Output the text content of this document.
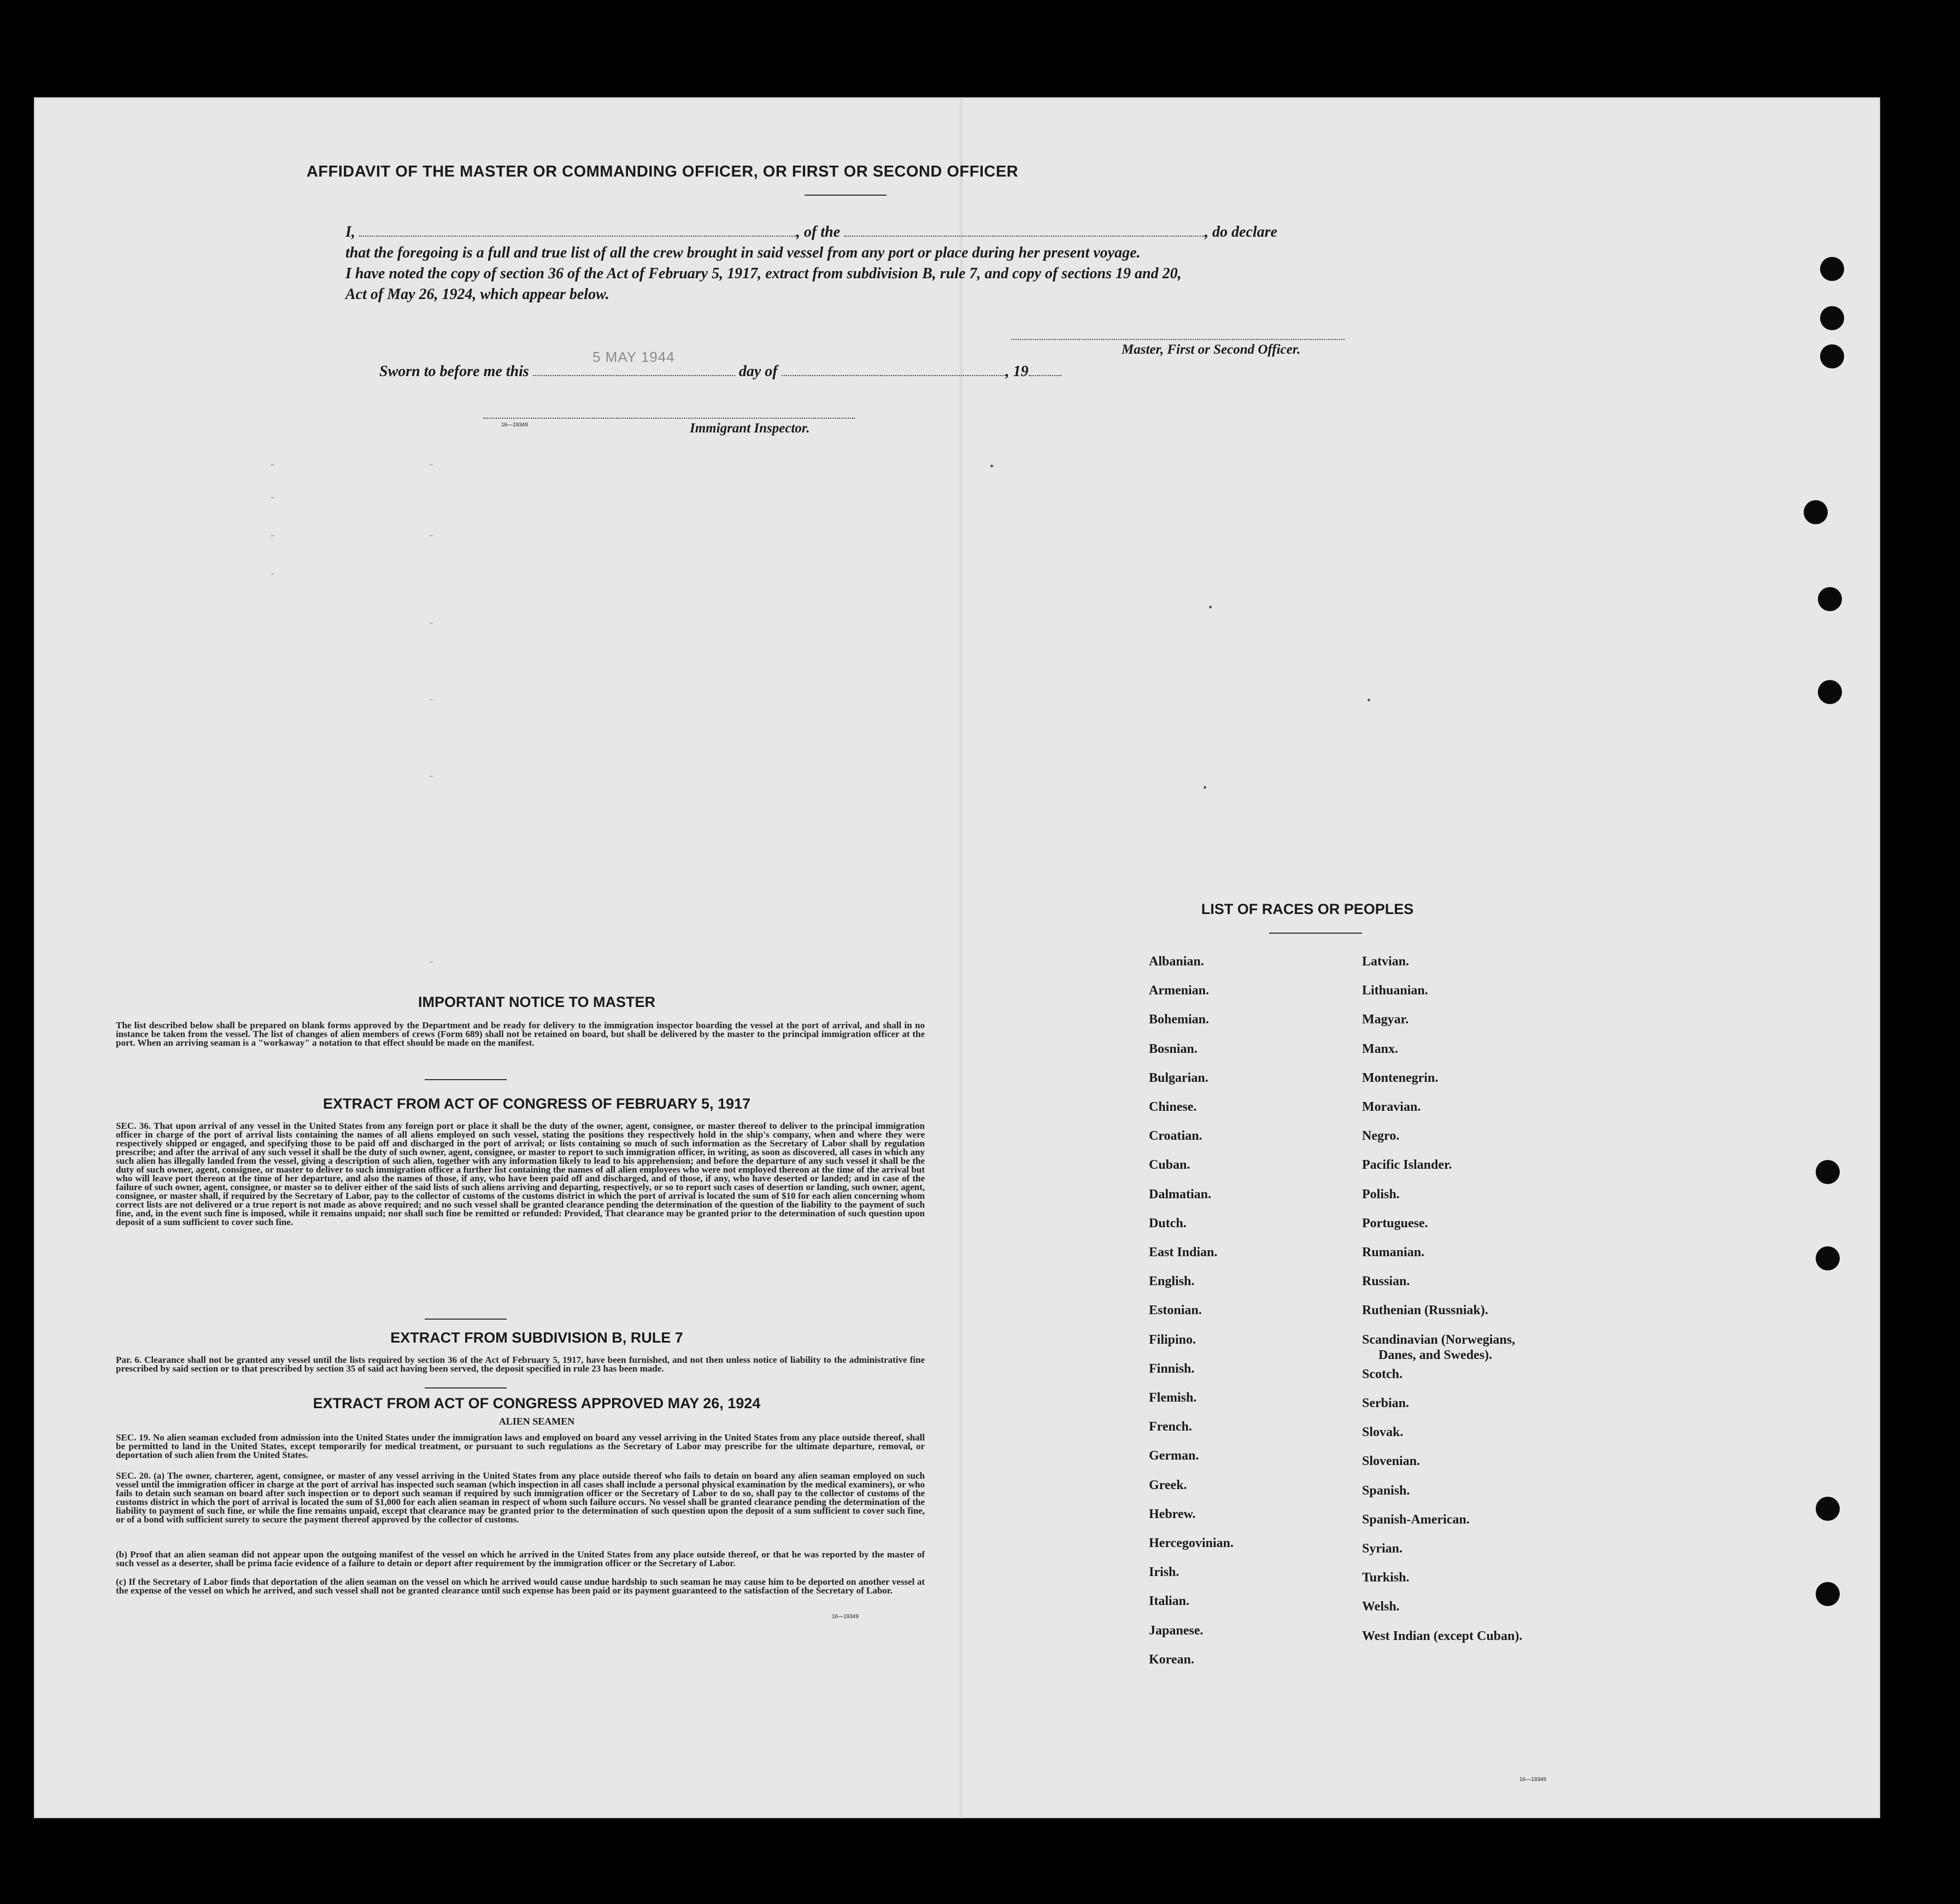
AFFIDAVIT OF THE MASTER OR COMMANDING OFFICER, OR FIRST OR SECOND OFFICER
I,	, of the	, do declare
that the foregoing is a full and true list of all the crew brought in said vessel from any port or place during her present voyage.
I have noted the copy of section 36 of the Act of February 5, 1917, extract from subdivision B, rule 7, and copy of sections 19 and 20,
Act of May 26, 1924, which appear below.
Master, First or Second Officer.
5 MAY 1944
Sworn to before me this	day of	, 19
16—19349	Immigrant Inspector.
-
-
-
-
-
-
-
-
-
-
IMPORTANT NOTICE TO MASTER
The list described below shall be prepared on blank forms approved by the Department and be ready for delivery to the immigration inspector boarding the vessel at the port of arrival, and shall in no instance be taken from the vessel. The list of changes of alien members of crews (Form 689) shall not be retained on board, but shall be delivered by the master to the principal immigration officer at the port. When an arriving seaman is a "workaway" a notation to that effect should be made on the manifest.
EXTRACT FROM ACT OF CONGRESS OF FEBRUARY 5, 1917
SEC. 36. That upon arrival of any vessel in the United States from any foreign port or place it shall be the duty of the owner, agent, consignee, or master thereof to deliver to the principal immigration officer in charge of the port of arrival lists containing the names of all aliens employed on such vessel, stating the positions they respectively hold in the ship's company, when and where they were respectively shipped or engaged, and specifying those to be paid off and discharged in the port of arrival; or lists containing so much of such information as the Secretary of Labor shall by regulation prescribe; and after the arrival of any such vessel it shall be the duty of such owner, agent, consignee, or master to report to such immigration officer, in writing, as soon as discovered, all cases in which any such alien has illegally landed from the vessel, giving a description of such alien, together with any information likely to lead to his apprehension; and before the departure of any such vessel it shall be the duty of such owner, agent, consignee, or master to deliver to such immigration officer a further list containing the names of all alien employees who were not employed thereon at the time of the arrival but who will leave port thereon at the time of her departure, and also the names of those, if any, who have been paid off and discharged, and of those, if any, who have deserted or landed; and in case of the failure of such owner, agent, consignee, or master so to deliver either of the said lists of such aliens arriving and departing, respectively, or so to report such cases of desertion or landing, such owner, agent, consignee, or master shall, if required by the Secretary of Labor, pay to the collector of customs of the customs district in which the port of arrival is located the sum of $10 for each alien concerning whom correct lists are not delivered or a true report is not made as above required; and no such vessel shall be granted clearance pending the determination of the question of the liability to the payment of such fine, and, in the event such fine is imposed, while it remains unpaid; nor shall such fine be remitted or refunded: Provided, That clearance may be granted prior to the determination of such question upon deposit of a sum sufficient to cover such fine.
EXTRACT FROM SUBDIVISION B, RULE 7
Par. 6. Clearance shall not be granted any vessel until the lists required by section 36 of the Act of February 5, 1917, have been furnished, and not then unless notice of liability to the administrative fine prescribed by said section or to that prescribed by section 35 of said act having been served, the deposit specified in rule 23 has been made.
EXTRACT FROM ACT OF CONGRESS APPROVED MAY 26, 1924
ALIEN SEAMEN
SEC. 19. No alien seaman excluded from admission into the United States under the immigration laws and employed on board any vessel arriving in the United States from any place outside thereof, shall be permitted to land in the United States, except temporarily for medical treatment, or pursuant to such regulations as the Secretary of Labor may prescribe for the ultimate departure, removal, or deportation of such alien from the United States.
SEC. 20. (a) The owner, charterer, agent, consignee, or master of any vessel arriving in the United States from any place outside thereof who fails to detain on board any alien seaman employed on such vessel until the immigration officer in charge at the port of arrival has inspected such seaman (which inspection in all cases shall include a personal physical examination by the medical examiners), or who fails to detain such seaman on board after such inspection or to deport such seaman if required by such immigration officer or the Secretary of Labor to do so, shall pay to the collector of customs of the customs district in which the port of arrival is located the sum of $1,000 for each alien seaman in respect of whom such failure occurs. No vessel shall be granted clearance pending the determination of the liability to payment of such fine, or while the fine remains unpaid, except that clearance may be granted prior to the determination of such question upon the deposit of a sum sufficient to cover such fine, or of a bond with sufficient surety to secure the payment thereof approved by the collector of customs.
(b) Proof that an alien seaman did not appear upon the outgoing manifest of the vessel on which he arrived in the United States from any place outside thereof, or that he was reported by the master of such vessel as a deserter, shall be prima facie evidence of a failure to detain or deport after requirement by the immigration officer or the Secretary of Labor.
(c) If the Secretary of Labor finds that deportation of the alien seaman on the vessel on which he arrived would cause undue hardship to such seaman he may cause him to be deported on another vessel at the expense of the vessel on which he arrived, and such vessel shall not be granted clearance until such expense has been paid or its payment guaranteed to the satisfaction of the Secretary of Labor.
16—19349
LIST OF RACES OR PEOPLES
Albanian.
Armenian.
Bohemian.
Bosnian.
Bulgarian.
Chinese.
Croatian.
Cuban.
Dalmatian.
Dutch.
East Indian.
English.
Estonian.
Filipino.
Finnish.
Flemish.
French.
German.
Greek.
Hebrew.
Hercegovinian.
Irish.
Italian.
Japanese.
Korean.
Latvian.
Lithuanian.
Magyar.
Manx.
Montenegrin.
Moravian.
Negro.
Pacific Islander.
Polish.
Portuguese.
Rumanian.
Russian.
Ruthenian (Russniak).
Scandinavian (Norwegians,
Danes, and Swedes).
Scotch.
Serbian.
Slovak.
Slovenian.
Spanish.
Spanish-American.
Syrian.
Turkish.
Welsh.
West Indian (except Cuban).
16—19349
